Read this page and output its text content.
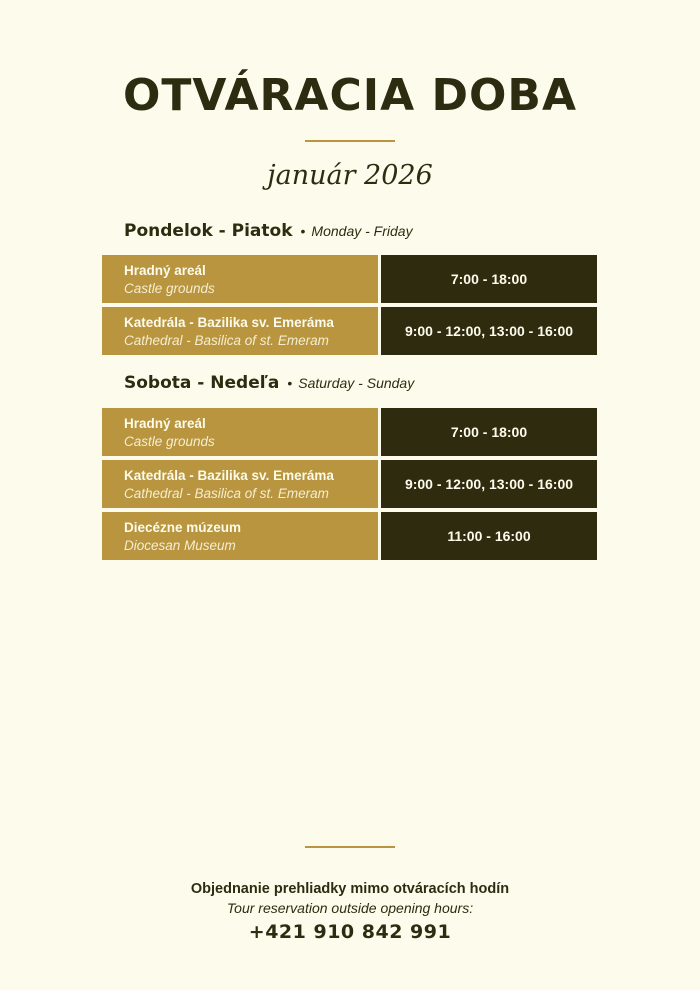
OTVÁRACIA DOBA
január 2026
Pondelok - Piatok • Monday - Friday
Hradný areál
Castle grounds
7:00 - 18:00
Katedrála - Bazilika sv. Emeráma
Cathedral - Basilica of st. Emeram
9:00 - 12:00, 13:00 - 16:00
Sobota - Nedeľa • Saturday - Sunday
Hradný areál
Castle grounds
7:00 - 18:00
Katedrála - Bazilika sv. Emeráma
Cathedral - Basilica of st. Emeram
9:00 - 12:00, 13:00 - 16:00
Diecézne múzeum
Diocesan Museum
11:00 - 16:00
Objednanie prehliadky mimo otváracích hodín
Tour reservation outside opening hours:
+421 910 842 991
